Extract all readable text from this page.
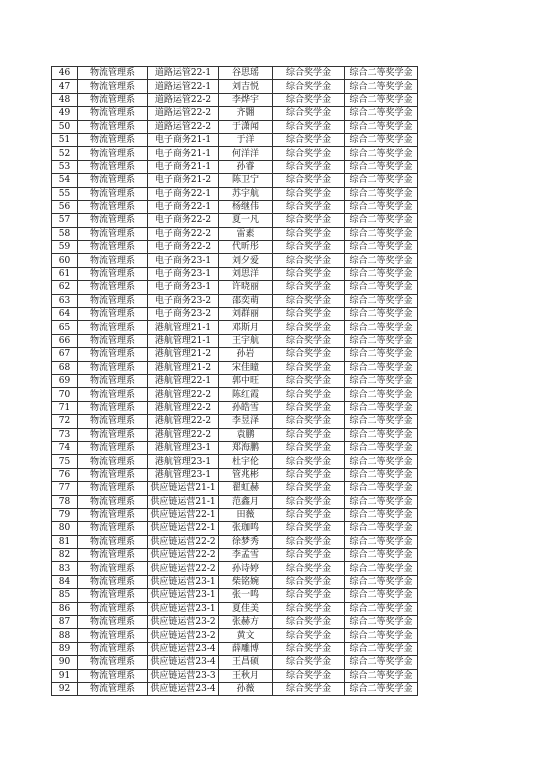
46	物流管理系	道路运管22-1	谷思瑶	综合奖学金	综合二等奖学金
47	物流管理系	道路运管22-1	刘吉悦	综合奖学金	综合二等奖学金
48	物流管理系	道路运管22-2	李烨宇	综合奖学金	综合二等奖学金
49	物流管理系	道路运管22-2	齐翾	综合奖学金	综合二等奖学金
50	物流管理系	道路运管22-2	于潇闻	综合奖学金	综合二等奖学金
51	物流管理系	电子商务21-1	于洋	综合奖学金	综合二等奖学金
52	物流管理系	电子商务21-1	何洋洋	综合奖学金	综合二等奖学金
53	物流管理系	电子商务21-1	孙睿	综合奖学金	综合二等奖学金
54	物流管理系	电子商务21-2	陈卫宁	综合奖学金	综合二等奖学金
55	物流管理系	电子商务22-1	苏宇航	综合奖学金	综合二等奖学金
56	物流管理系	电子商务22-1	杨继伟	综合奖学金	综合二等奖学金
57	物流管理系	电子商务22-2	夏一凡	综合奖学金	综合二等奖学金
58	物流管理系	电子商务22-2	雷素	综合奖学金	综合二等奖学金
59	物流管理系	电子商务22-2	代昕彤	综合奖学金	综合二等奖学金
60	物流管理系	电子商务23-1	刘夕爱	综合奖学金	综合二等奖学金
61	物流管理系	电子商务23-1	刘思洋	综合奖学金	综合二等奖学金
62	物流管理系	电子商务23-1	许晓丽	综合奖学金	综合二等奖学金
63	物流管理系	电子商务23-2	邵奕萌	综合奖学金	综合二等奖学金
64	物流管理系	电子商务23-2	刘群丽	综合奖学金	综合二等奖学金
65	物流管理系	港航管理21-1	邓斯月	综合奖学金	综合二等奖学金
66	物流管理系	港航管理21-1	王宇航	综合奖学金	综合二等奖学金
67	物流管理系	港航管理21-2	孙岩	综合奖学金	综合二等奖学金
68	物流管理系	港航管理21-2	宋佳瞳	综合奖学金	综合二等奖学金
69	物流管理系	港航管理22-1	郭中旺	综合奖学金	综合二等奖学金
70	物流管理系	港航管理22-2	陈红霞	综合奖学金	综合二等奖学金
71	物流管理系	港航管理22-2	孙皓雪	综合奖学金	综合二等奖学金
72	物流管理系	港航管理22-2	李昱泽	综合奖学金	综合二等奖学金
73	物流管理系	港航管理22-2	袁鹏	综合奖学金	综合二等奖学金
74	物流管理系	港航管理23-1	郑海鹏	综合奖学金	综合二等奖学金
75	物流管理系	港航管理23-1	杜宇伦	综合奖学金	综合二等奖学金
76	物流管理系	港航管理23-1	管兆彬	综合奖学金	综合二等奖学金
77	物流管理系	供应链运营21-1	翟虹赫	综合奖学金	综合二等奖学金
78	物流管理系	供应链运营21-1	范鑫月	综合奖学金	综合二等奖学金
79	物流管理系	供应链运营22-1	田薇	综合奖学金	综合二等奖学金
80	物流管理系	供应链运营22-1	张珈鸣	综合奖学金	综合二等奖学金
81	物流管理系	供应链运营22-2	徐梦秀	综合奖学金	综合二等奖学金
82	物流管理系	供应链运营22-2	李孟雪	综合奖学金	综合二等奖学金
83	物流管理系	供应链运营22-2	孙诗婷	综合奖学金	综合二等奖学金
84	物流管理系	供应链运营23-1	柴铭婉	综合奖学金	综合二等奖学金
85	物流管理系	供应链运营23-1	张一鸣	综合奖学金	综合二等奖学金
86	物流管理系	供应链运营23-1	夏佳美	综合奖学金	综合二等奖学金
87	物流管理系	供应链运营23-2	张赫方	综合奖学金	综合二等奖学金
88	物流管理系	供应链运营23-2	黄文	综合奖学金	综合二等奖学金
89	物流管理系	供应链运营23-4	薛雕博	综合奖学金	综合二等奖学金
90	物流管理系	供应链运营23-4	王昌硕	综合奖学金	综合二等奖学金
91	物流管理系	供应链运营23-3	王秋月	综合奖学金	综合二等奖学金
92	物流管理系	供应链运营23-4	孙薇	综合奖学金	综合二等奖学金
